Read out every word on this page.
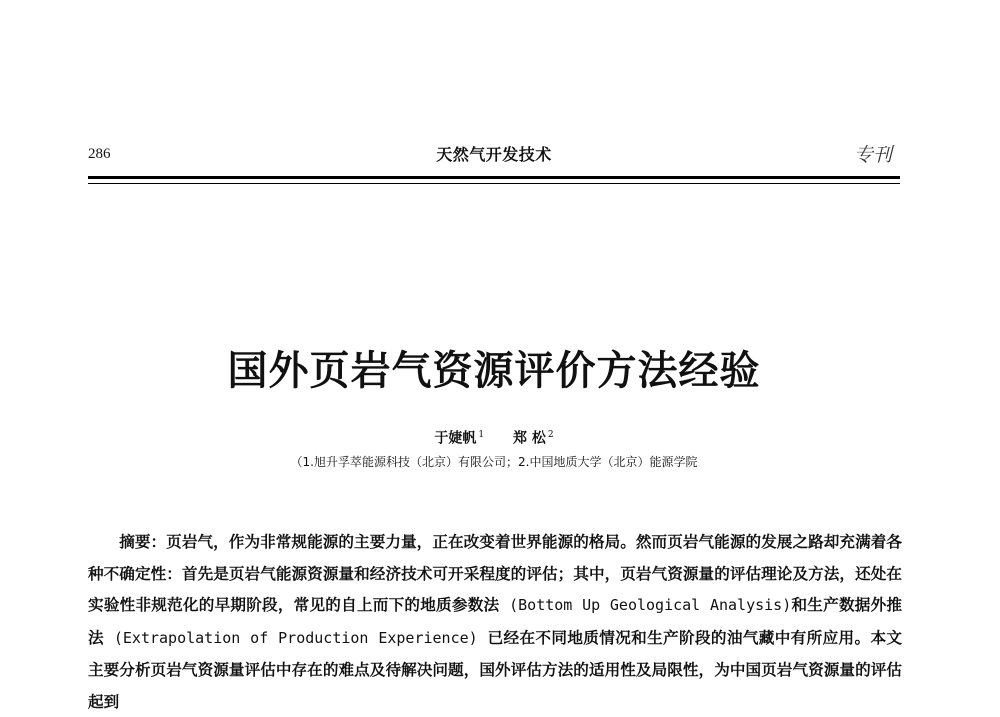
286	天然气开发技术	专刊
国外页岩气资源评价方法经验
于婕帆 $^1$ 郑 松 $^2$
（1.旭升孚萃能源科技（北京）有限公司；2.中国地质大学（北京）能源学院

摘要：页岩气，作为非常规能源的主要力量，正在改变着世界能源的格局。然而页岩气能源的发展之路却充满着各种不确定性：首先是页岩气能源资源量和经济技术可开采程度的评估；其中，页岩气资源量的评估理论及方法，还处在实验性非规范化的早期阶段，常见的自上而下的地质参数法 (Bottom Up Geological Analysis)和生产数据外推法 (Extrapolation of Production Experience) 已经在不同地质情况和生产阶段的油气藏中有所应用。本文主要分析页岩气资源量评估中存在的难点及待解决问题，国外评估方法的适用性及局限性，为中国页岩气资源量的评估起到
